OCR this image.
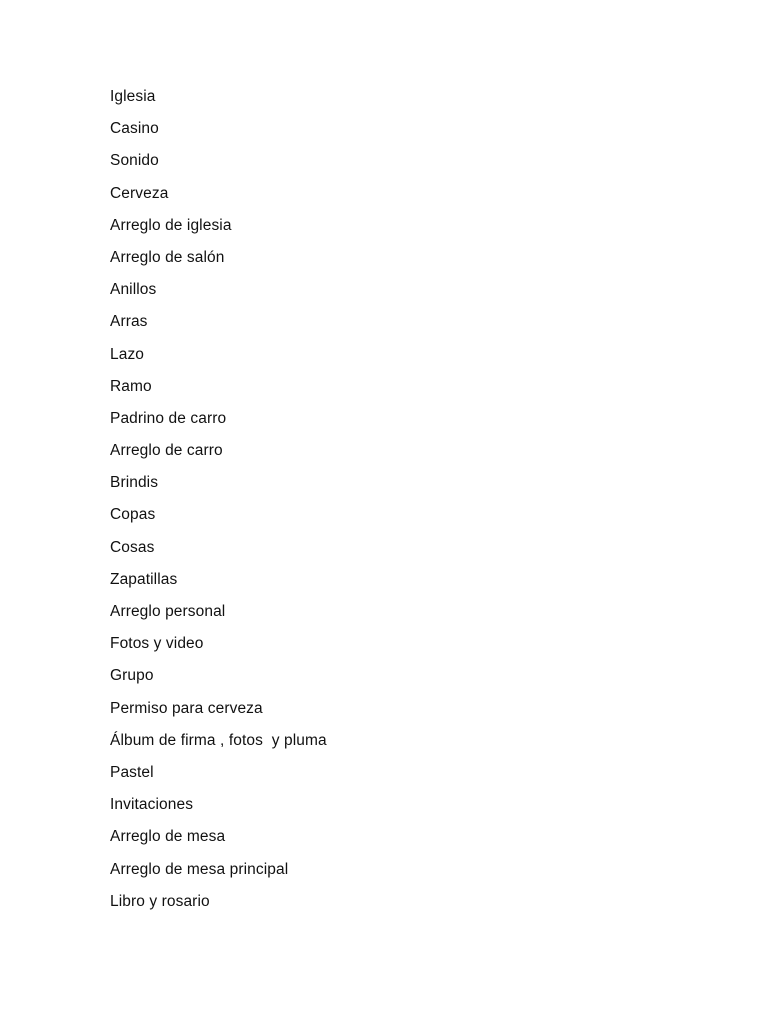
Iglesia
Casino
Sonido
Cerveza
Arreglo de iglesia
Arreglo de salón
Anillos
Arras
Lazo
Ramo
Padrino de carro
Arreglo de carro
Brindis
Copas
Cosas
Zapatillas
Arreglo personal
Fotos y video
Grupo
Permiso para cerveza
Álbum de firma , fotos  y pluma
Pastel
Invitaciones
Arreglo de mesa
Arreglo de mesa principal
Libro y rosario
